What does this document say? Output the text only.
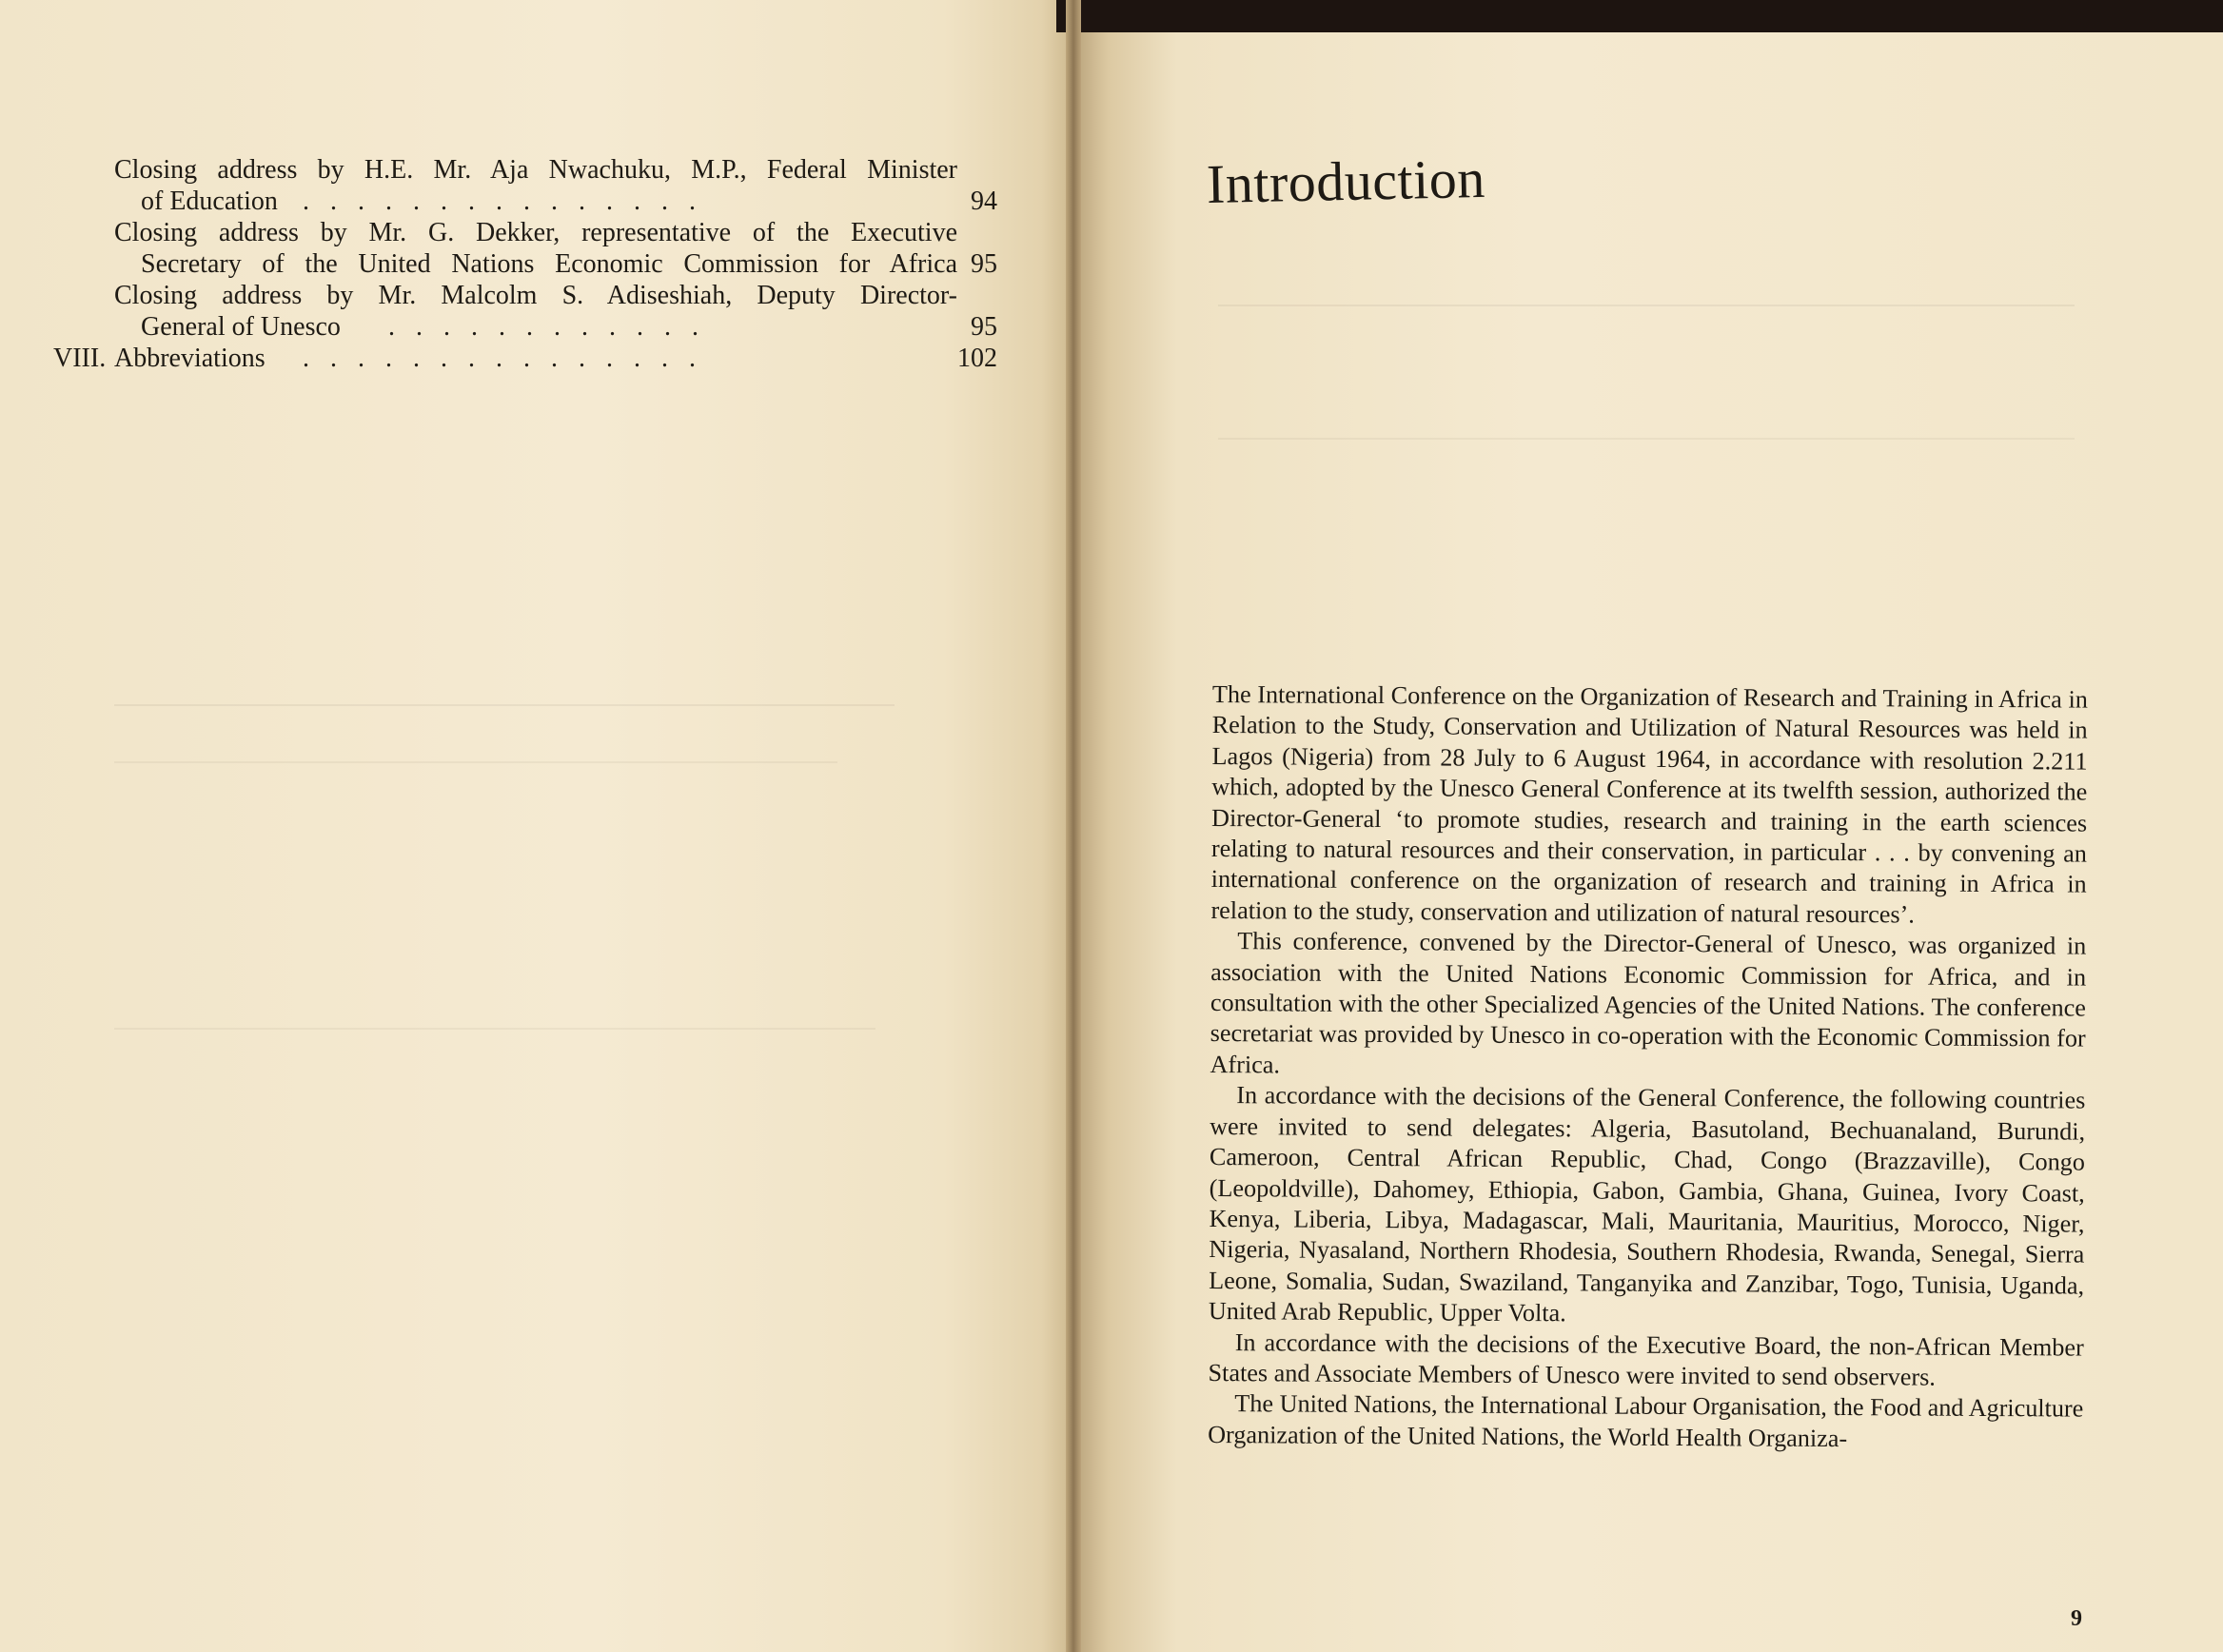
Closing address by H.E. Mr. Aja Nwachuku, M.P., Federal Minister
of Education ...............	94
Closing address by Mr. G. Dekker, representative of the Executive
Secretary of the United Nations Economic Commission for Africa 95
Closing address by Mr. Malcolm S. Adiseshiah, Deputy Director-
General of Unesco ............	95
VIII. Abbreviations ...............	102
Introduction

The International Conference on the Organization of Research and Training in Africa in Relation to the Study, Conservation and Utilization of Natural Resources was held in Lagos (Nigeria) from 28 July to 6 August 1964, in accordance with resolution 2.211 which, adopted by the Unesco General Conference at its twelfth session, authorized the Director-General ‘to promote studies, research and training in the earth sciences relating to natural resources and their conservation, in particular . . . by convening an international conference on the organization of research and training in Africa in relation to the study, conservation and utilization of natural resources’.

This conference, convened by the Director-General of Unesco, was organized in association with the United Nations Economic Commission for Africa, and in consultation with the other Specialized Agencies of the United Nations. The conference secretariat was provided by Unesco in co-operation with the Economic Commission for Africa.

In accordance with the decisions of the General Conference, the following countries were invited to send delegates: Algeria, Basutoland, Bechuanaland, Burundi, Cameroon, Central African Republic, Chad, Congo (Brazzaville), Congo (Leopoldville), Dahomey, Ethiopia, Gabon, Gambia, Ghana, Guinea, Ivory Coast, Kenya, Liberia, Libya, Madagascar, Mali, Mauritania, Mauritius, Morocco, Niger, Nigeria, Nyasaland, Northern Rhodesia, Southern Rhodesia, Rwanda, Senegal, Sierra Leone, Somalia, Sudan, Swaziland, Tanganyika and Zanzibar, Togo, Tunisia, Uganda, United Arab Republic, Upper Volta.

In accordance with the decisions of the Executive Board, the non-African Member States and Associate Members of Unesco were invited to send observers.

The United Nations, the International Labour Organisation, the Food and Agriculture Organization of the United Nations, the World Health Organiza-

9
